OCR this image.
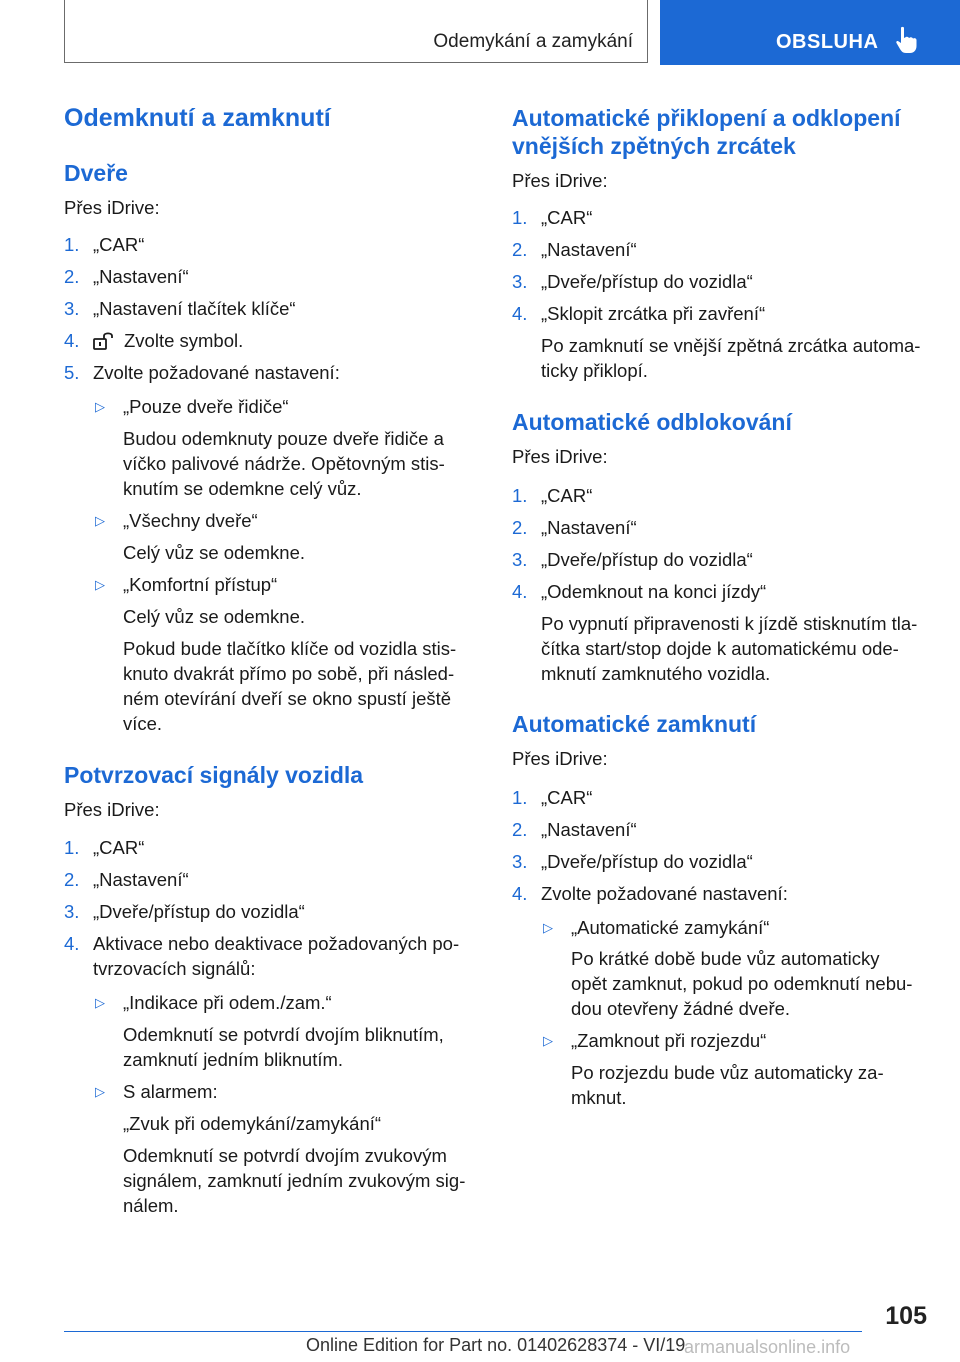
Odemykání a zamykání	OBSLUHA
Odemknutí a zamknutí
Dveře
Přes iDrive:
1. „CAR“
2. „Nastavení“
3. „Nastavení tlačítek klíče“
4. Zvolte symbol.
5. Zvolte požadované nastavení:
▷ „Pouze dveře řidiče“
Budou odemknuty pouze dveře řidiče a
víčko palivové nádrže. Opětovným stis-
knutím se odemkne celý vůz.
▷ „Všechny dveře“
Celý vůz se odemkne.
▷ „Komfortní přístup“
Celý vůz se odemkne.
Pokud bude tlačítko klíče od vozidla stis-
knuto dvakrát přímo po sobě, při násled-
ném otevírání dveří se okno spustí ještě
více.
Potvrzovací signály vozidla
Přes iDrive:
1. „CAR“
2. „Nastavení“
3. „Dveře/přístup do vozidla“
4. Aktivace nebo deaktivace požadovaných po-
tvrzovacích signálů:
▷ „Indikace při odem./zam.“
Odemknutí se potvrdí dvojím bliknutím,
zamknutí jedním bliknutím.
▷ S alarmem:
„Zvuk při odemykání/zamykání“
Odemknutí se potvrdí dvojím zvukovým
signálem, zamknutí jedním zvukovým sig-
nálem.
Automatické přiklopení a odklopení
vnějších zpětných zrcátek
Přes iDrive:
1. „CAR“
2. „Nastavení“
3. „Dveře/přístup do vozidla“
4. „Sklopit zrcátka při zavření“
Po zamknutí se vnější zpětná zrcátka automa-
ticky přiklopí.
Automatické odblokování
Přes iDrive:
1. „CAR“
2. „Nastavení“
3. „Dveře/přístup do vozidla“
4. „Odemknout na konci jízdy“
Po vypnutí připravenosti k jízdě stisknutím tla-
čítka start/stop dojde k automatickému ode-
mknutí zamknutého vozidla.
Automatické zamknutí
Přes iDrive:
1. „CAR“
2. „Nastavení“
3. „Dveře/přístup do vozidla“
4. Zvolte požadované nastavení:
▷ „Automatické zamykání“
Po krátké době bude vůz automaticky
opět zamknut, pokud po odemknutí nebu-
dou otevřeny žádné dveře.
▷ „Zamknout při rozjezdu“
Po rozjezdu bude vůz automaticky za-
mknut.
105
Online Edition for Part no. 01402628374 - VI/19
armanualsonline.info
